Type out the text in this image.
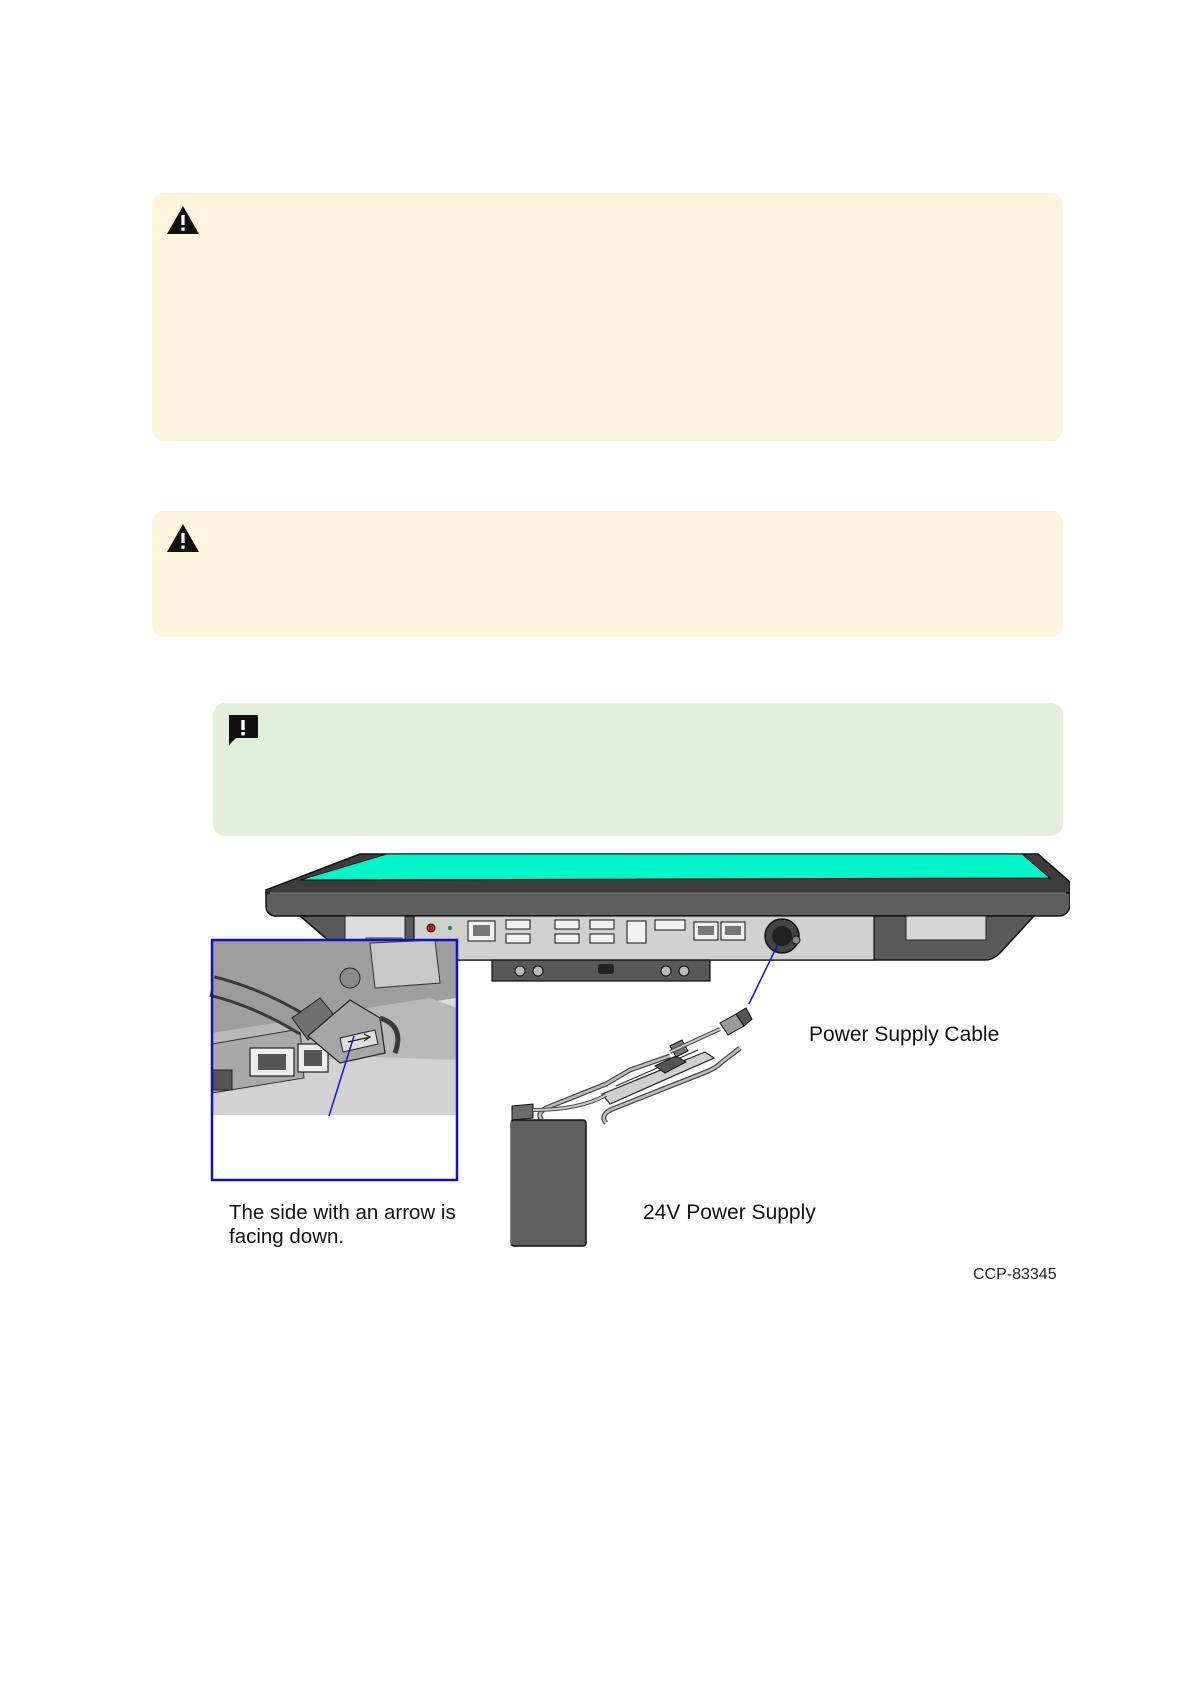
Power Supply Cable
24V Power Supply
The side with an arrow is
facing down.
CCP-83345
